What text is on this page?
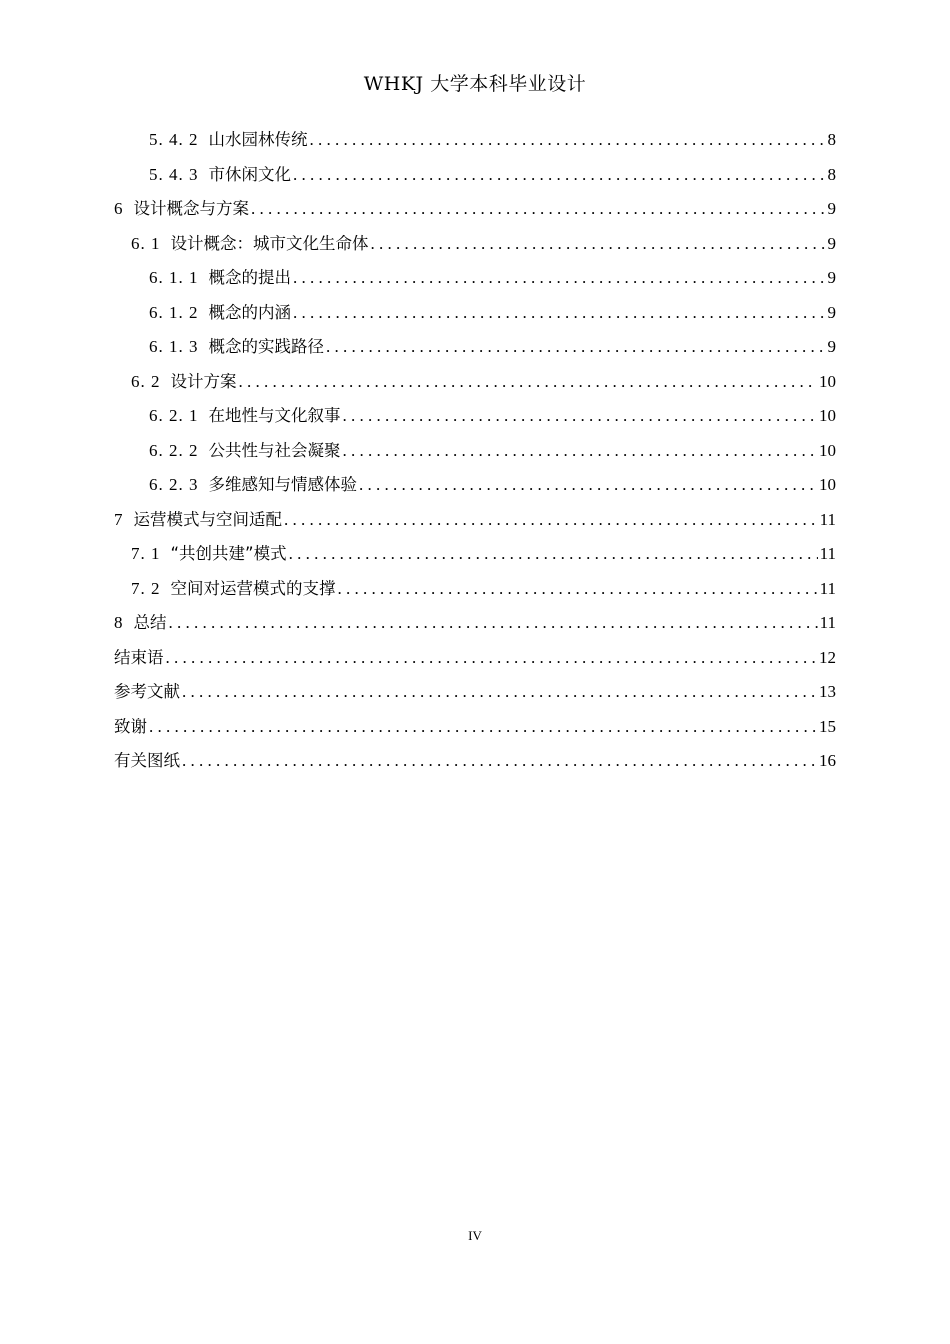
WHKJ 大学本科毕业设计
5. 4. 2 山水园林传统 . . .	8
5. 4. 3 市休闲文化 . . .	8
6 设计概念与方案 . . .	9
6. 1 设计概念：城市文化生命体 . . .	9
6. 1. 1 概念的提出 . . .	9
6. 1. 2 概念的内涵 . . .	9
6. 1. 3 概念的实践路径 . . .	9
6. 2 设计方案 . . .	10
6. 2. 1 在地性与文化叙事 . . .	10
6. 2. 2 公共性与社会凝聚 . . .	10
6. 2. 3 多维感知与情感体验 . . .	10
7 运营模式与空间适配 . . .	11
7. 1 “共创共建”模式 . . .	11
7. 2 空间对运营模式的支撑 . . .	11
8 总结 . . .	11
结束语 . . .	12
参考文献 . . .	13
致谢 . . .	15
有关图纸 . . .	16
IV
